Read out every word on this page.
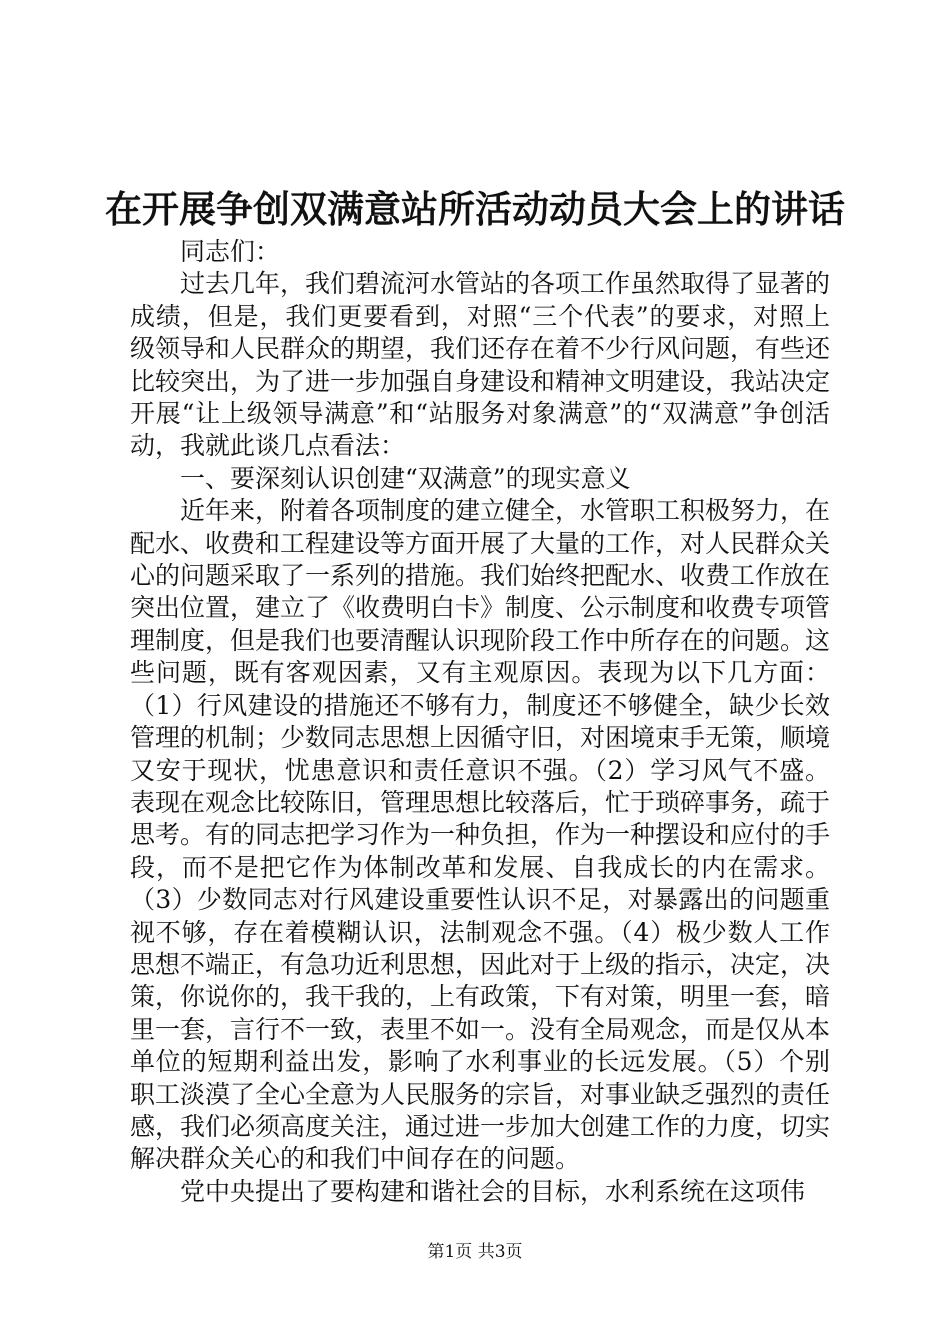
在开展争创双满意站所活动动员大会上的讲话

同志们：

过去几年，我们碧流河水管站的各项工作虽然取得了显著的成绩，但是，我们更要看到，对照“三个代表”的要求，对照上级领导和人民群众的期望，我们还存在着不少行风问题，有些还比较突出，为了进一步加强自身建设和精神文明建设，我站决定开展“让上级领导满意”和“站服务对象满意”的“双满意”争创活动，我就此谈几点看法：

一、要深刻认识创建“双满意”的现实意义

近年来，附着各项制度的建立健全，水管职工积极努力，在配水、收费和工程建设等方面开展了大量的工作，对人民群众关心的问题采取了一系列的措施。我们始终把配水、收费工作放在突出位置，建立了《收费明白卡》制度、公示制度和收费专项管理制度，但是我们也要清醒认识现阶段工作中所存在的问题。这些问题，既有客观因素，又有主观原因。表现为以下几方面：（1）行风建设的措施还不够有力，制度还不够健全，缺少长效管理的机制；少数同志思想上因循守旧，对困境束手无策，顺境又安于现状，忧患意识和责任意识不强。（2）学习风气不盛。表现在观念比较陈旧，管理思想比较落后，忙于琐碎事务，疏于思考。有的同志把学习作为一种负担，作为一种摆设和应付的手段，而不是把它作为体制改革和发展、自我成长的内在需求。（3）少数同志对行风建设重要性认识不足，对暴露出的问题重视不够，存在着模糊认识，法制观念不强。（4）极少数人工作思想不端正，有急功近利思想，因此对于上级的指示，决定，决策，你说你的，我干我的，上有政策，下有对策，明里一套，暗里一套，言行不一致，表里不如一。没有全局观念，而是仅从本单位的短期利益出发，影响了水利事业的长远发展。（5）个别职工淡漠了全心全意为人民服务的宗旨，对事业缺乏强烈的责任感，我们必须高度关注，通过进一步加大创建工作的力度，切实解决群众关心的和我们中间存在的问题。

党中央提出了要构建和谐社会的目标，水利系统在这项伟

第1页 共3页
